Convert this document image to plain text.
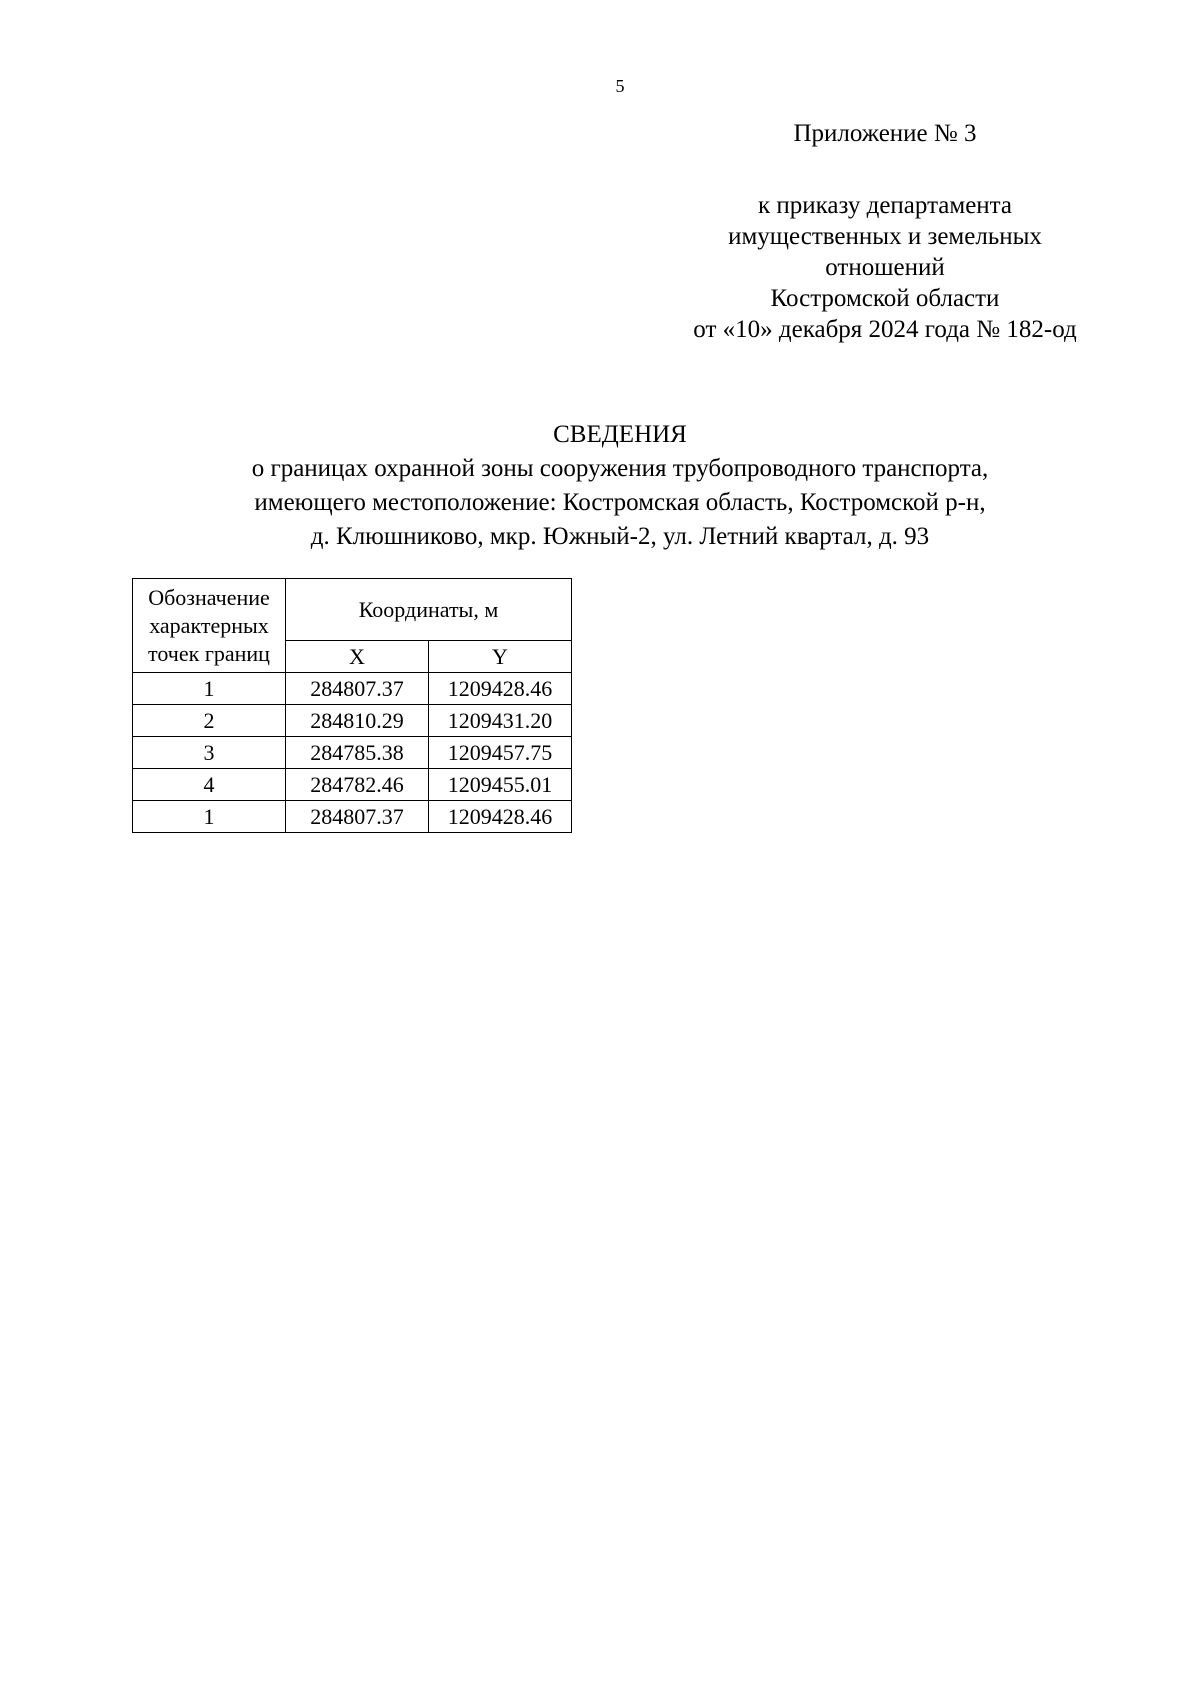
5
Приложение № 3
к приказу департамента
имущественных и земельных
отношений
Костромской области
от «10» декабря 2024 года № 182-од
СВЕДЕНИЯ
о границах охранной зоны сооружения трубопроводного транспорта,
имеющего местоположение: Костромская область, Костромской р-н,
д. Клюшниково, мкр. Южный-2, ул. Летний квартал, д. 93
Обозначение
характерных
точек границ	Координаты, м	
	X	Y
1	284807.37	1209428.46
2	284810.29	1209431.20
3	284785.38	1209457.75
4	284782.46	1209455.01
1	284807.37	1209428.46
